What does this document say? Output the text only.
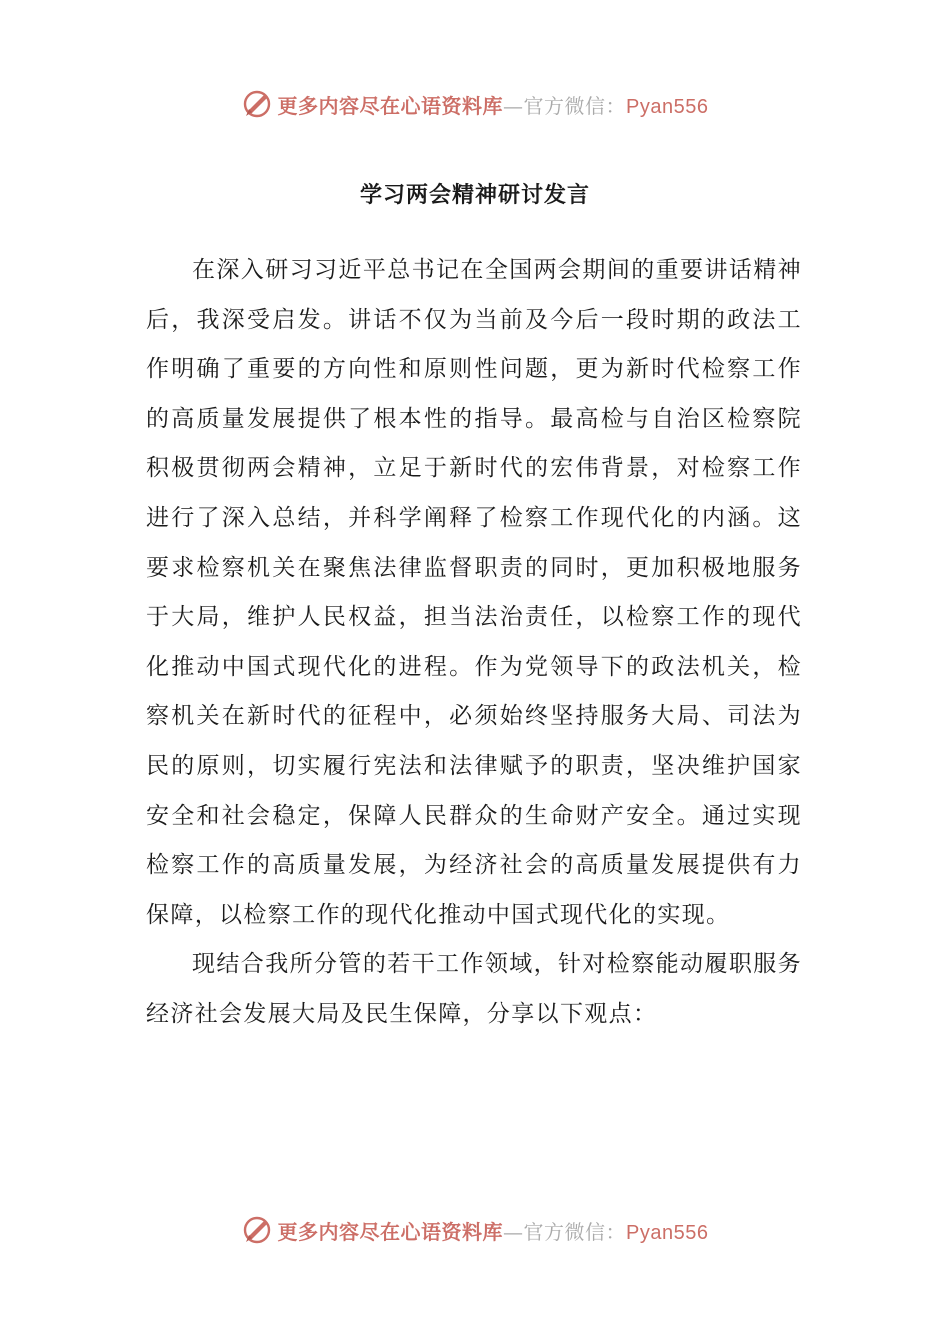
更多内容尽在心语资料库—官方微信：Pyan556
学习两会精神研讨发言

在深入研习习近平总书记在全国两会期间的重要讲话精神后，我深受启发。讲话不仅为当前及今后一段时期的政法工作明确了重要的方向性和原则性问题，更为新时代检察工作的高质量发展提供了根本性的指导。最高检与自治区检察院积极贯彻两会精神，立足于新时代的宏伟背景，对检察工作进行了深入总结，并科学阐释了检察工作现代化的内涵。这要求检察机关在聚焦法律监督职责的同时，更加积极地服务于大局，维护人民权益，担当法治责任，以检察工作的现代化推动中国式现代化的进程。作为党领导下的政法机关，检察机关在新时代的征程中，必须始终坚持服务大局、司法为民的原则，切实履行宪法和法律赋予的职责，坚决维护国家安全和社会稳定，保障人民群众的生命财产安全。通过实现检察工作的高质量发展，为经济社会的高质量发展提供有力保障，以检察工作的现代化推动中国式现代化的实现。

现结合我所分管的若干工作领域，针对检察能动履职服务经济社会发展大局及民生保障，分享以下观点：

更多内容尽在心语资料库—官方微信：Pyan556
